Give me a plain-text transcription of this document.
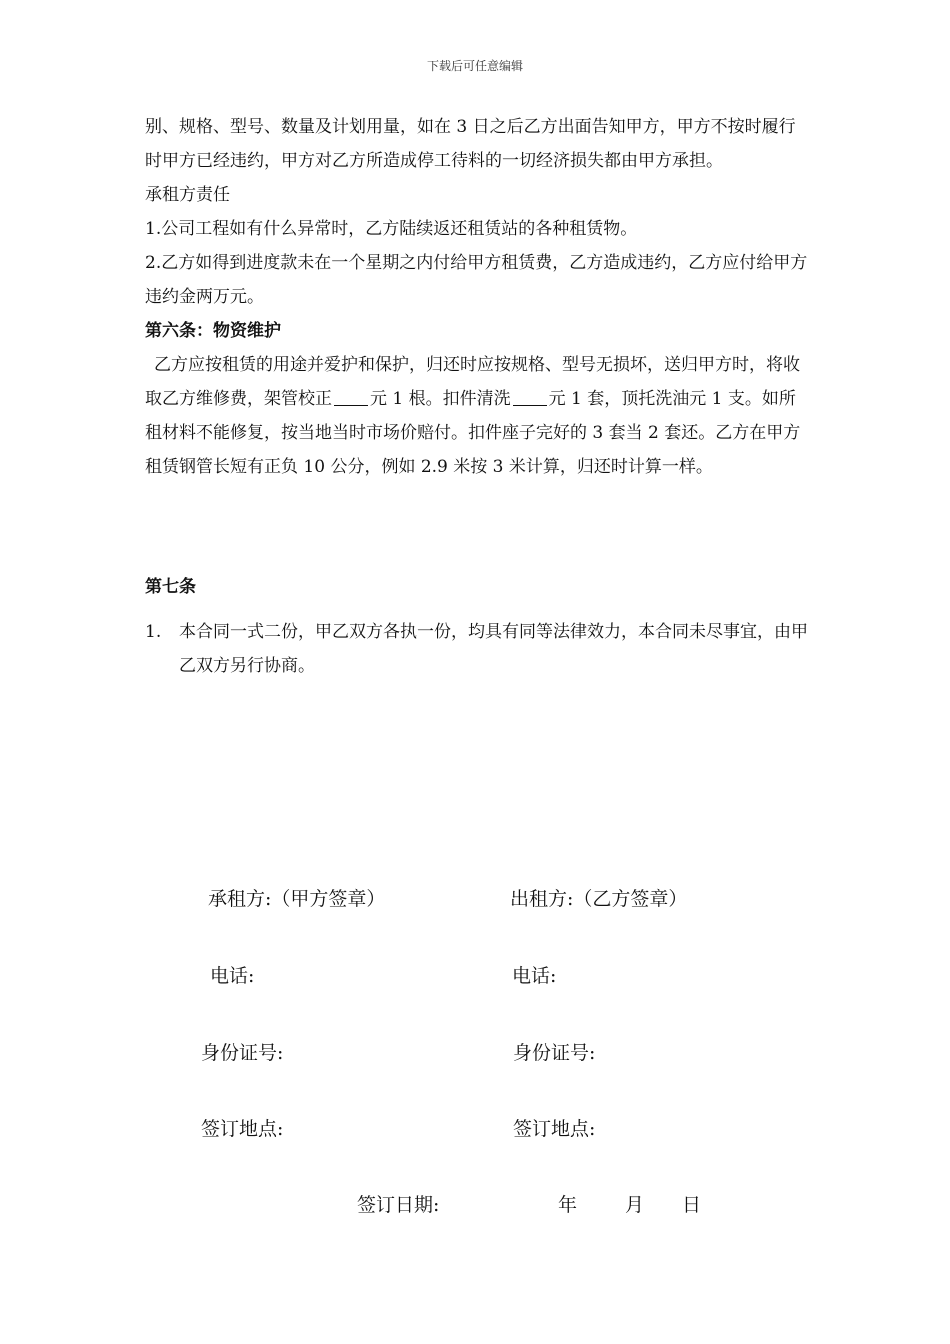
下载后可任意编辑

别、规格、型号、数量及计划用量，如在 3 日之后乙方出面告知甲方，甲方不按时履行时甲方已经违约，甲方对乙方所造成停工待料的一切经济损失都由甲方承担。

承租方责任

1.公司工程如有什么异常时，乙方陆续返还租赁站的各种租赁物。

2.乙方如得到进度款未在一个星期之内付给甲方租赁费，乙方造成违约，乙方应付给甲方违约金两万元。

第六条：物资维护

乙方应按租赁的用途并爱护和保护，归还时应按规格、型号无损坏，送归甲方时，将收取乙方维修费，架管校正 元 1 根。扣件清洗 元 1 套，顶托洗油元 1 支。如所租材料不能修复，按当地当时市场价赔付。扣件座子完好的 3 套当 2 套还。乙方在甲方租赁钢管长短有正负 10 公分，例如 2.9 米按 3 米计算，归还时计算一样。

第七条

1.	本合同一式二份，甲乙双方各执一份，均具有同等法律效力，本合同未尽事宜，由甲乙双方另行协商。
承租方:（甲方签章）	出租方:（乙方签章）
电话:	电话:
身份证号:	身份证号:
签订地点:	签订地点:
签订日期:	年	月 日
